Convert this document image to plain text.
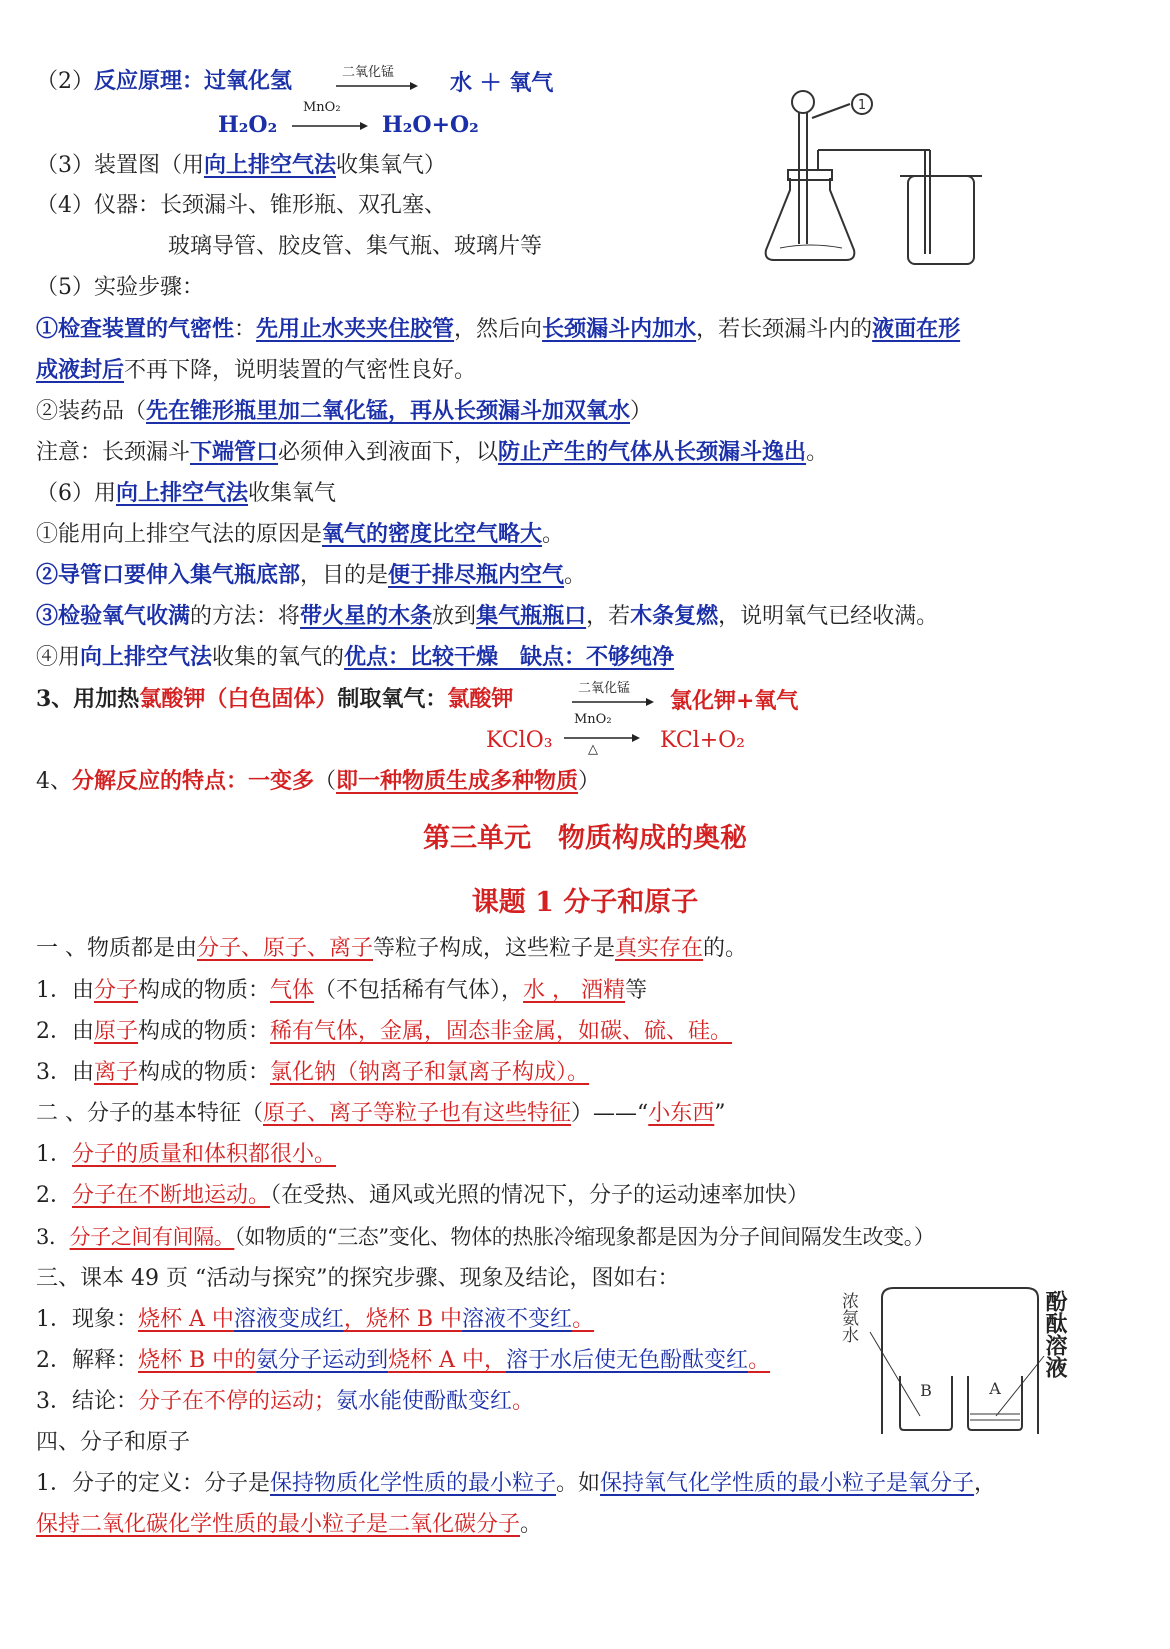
（2）反应原理：过氧化氢	二氧化锰	水 ＋ 氧气
H₂O₂
MnO₂
H₂O+O₂
1
（3）装置图（用向上排空气法收集氧气）
（4）仪器：长颈漏斗、锥形瓶、双孔塞、
玻璃导管、胶皮管、集气瓶、玻璃片等
（5）实验步骤：
①检查装置的气密性：先用止水夹夹住胶管，然后向长颈漏斗内加水，若长颈漏斗内的液面在形
成液封后不再下降，说明装置的气密性良好。
②装药品（先在锥形瓶里加二氧化锰，再从长颈漏斗加双氧水）
注意：长颈漏斗下端管口必须伸入到液面下，以防止产生的气体从长颈漏斗逸出。
（6）用向上排空气法收集氧气
①能用向上排空气法的原因是氧气的密度比空气略大。
②导管口要伸入集气瓶底部，目的是便于排尽瓶内空气。
③检验氧气收满的方法：将带火星的木条放到集气瓶瓶口，若木条复燃，说明氧气已经收满。
④用向上排空气法收集的氧气的优点：比较干燥　缺点：不够纯净
3、用加热氯酸钾（白色固体）制取氧气：氯酸钾	二氧化锰 氯化钾+氧气
KClO₃
MnO₂
△	KCl+O₂
4、分解反应的特点：一变多（即一种物质生成多种物质）
第三单元　物质构成的奥秘
课题 1 分子和原子
一 、物质都是由分子、原子、离子等粒子构成，这些粒子是真实存在的。
1．由分子构成的物质：气体（不包括稀有气体），水 ， 酒精等
2．由原子构成的物质：稀有气体，金属，固态非金属，如碳、硫、硅。
3．由离子构成的物质：氯化钠（钠离子和氯离子构成）。
二 、分子的基本特征（原子、离子等粒子也有这些特征）——“小东西”
1．分子的质量和体积都很小。
2．分子在不断地运动。（在受热、通风或光照的情况下，分子的运动速率加快）
3．分子之间有间隔。（如物质的“三态”变化、物体的热胀冷缩现象都是因为分子间间隔发生改变。）
三、课本 49 页 “活动与探究”的探究步骤、现象及结论，图如右：
1．现象：烧杯 A 中溶液变成红，烧杯 B 中溶液不变红。
2．解释：烧杯 B 中的氨分子运动到烧杯 A 中，溶于水后使无色酚酞变红。
3．结论：分子在不停的运动；氨水能使酚酞变红。
浓氨水	酚酞溶液
B	A
四、分子和原子
1．分子的定义：分子是保持物质化学性质的最小粒子。如保持氧气化学性质的最小粒子是氧分子，
保持二氧化碳化学性质的最小粒子是二氧化碳分子。
